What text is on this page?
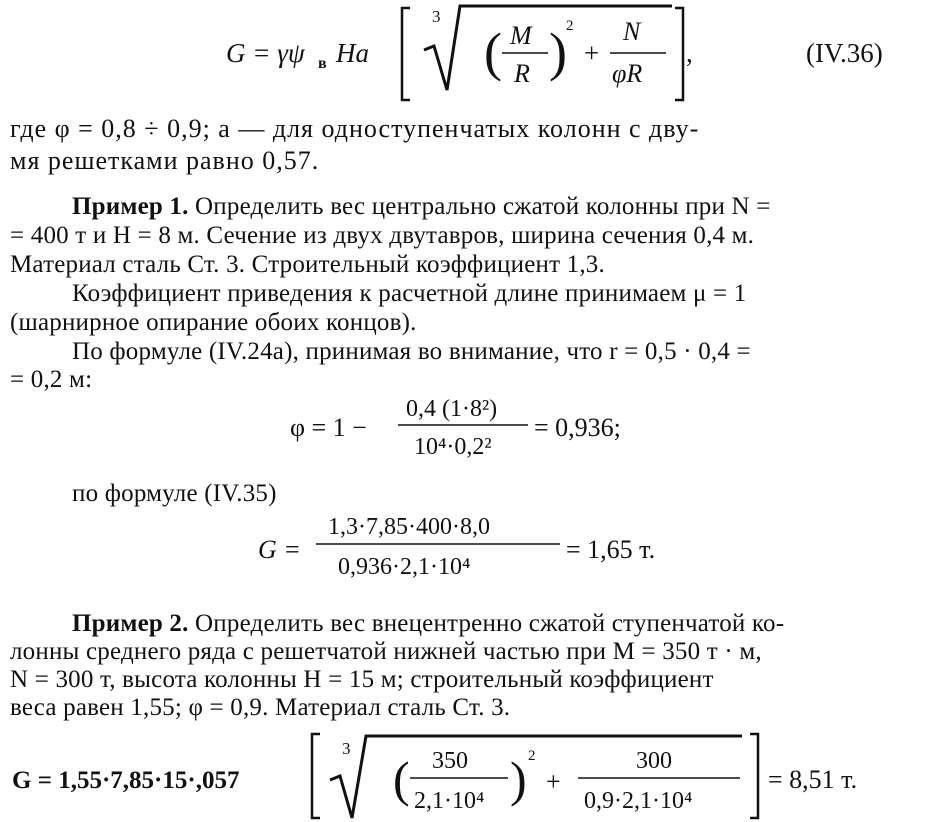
G = γψ в Ha
3
( M
R ) 2
+
N
φR
,	(IV.36)
где φ = 0,8 ÷ 0,9; a — для одноступенчатых колонн с дву-
мя решетками равно 0,57.
Пример 1. Определить вес центрально сжатой колонны при N =
= 400 т и H = 8 м. Сечение из двух двутавров, ширина сечения 0,4 м.
Материал сталь Ст. 3. Строительный коэффициент 1,3.
Коэффициент приведения к расчетной длине принимаем μ = 1
(шарнирное опирание обоих концов).
По формуле (IV.24а), принимая во внимание, что r = 0,5 · 0,4 =
= 0,2 м:
φ = 1 −
0,4 (1·8²)
10⁴·0,2²
= 0,936;
по формуле (IV.35)
G =
1,3·7,85·400·8,0
0,936·2,1·10⁴
= 1,65 т.
Пример 2. Определить вес внецентренно сжатой ступенчатой ко-
лонны среднего ряда с решетчатой нижней частью при M = 350 т · м,
N = 300 т, высота колонны H = 15 м; строительный коэффициент
веса равен 1,55; φ = 0,9. Материал сталь Ст. 3.
G = 1,55·7,85·15·,057
3
( 350
2,1·10⁴ ) 2
+
300
0,9·2,1·10⁴
= 8,51 т.
